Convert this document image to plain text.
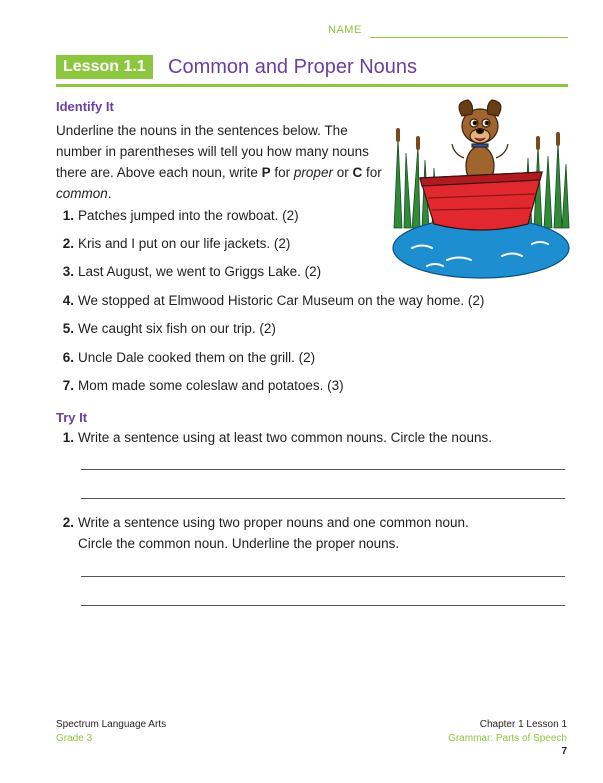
NAME
Lesson 1.1	Common and Proper Nouns
Identify It
Underline the nouns in the sentences below. The number in parentheses will tell you how many nouns there are. Above each noun, write P for proper or C for common.
1. Patches jumped into the rowboat. (2)
2. Kris and I put on our life jackets. (2)
3. Last August, we went to Griggs Lake. (2)
4. We stopped at Elmwood Historic Car Museum on the way home. (2)
5. We caught six fish on our trip. (2)
6. Uncle Dale cooked them on the grill. (2)
7. Mom made some coleslaw and potatoes. (3)
Try It
1. Write a sentence using at least two common nouns. Circle the nouns.
2. Write a sentence using two proper nouns and one common noun.
Circle the common noun. Underline the proper nouns.
Spectrum Language Arts
Grade 3
Chapter 1 Lesson 1
Grammar: Parts of Speech
7
